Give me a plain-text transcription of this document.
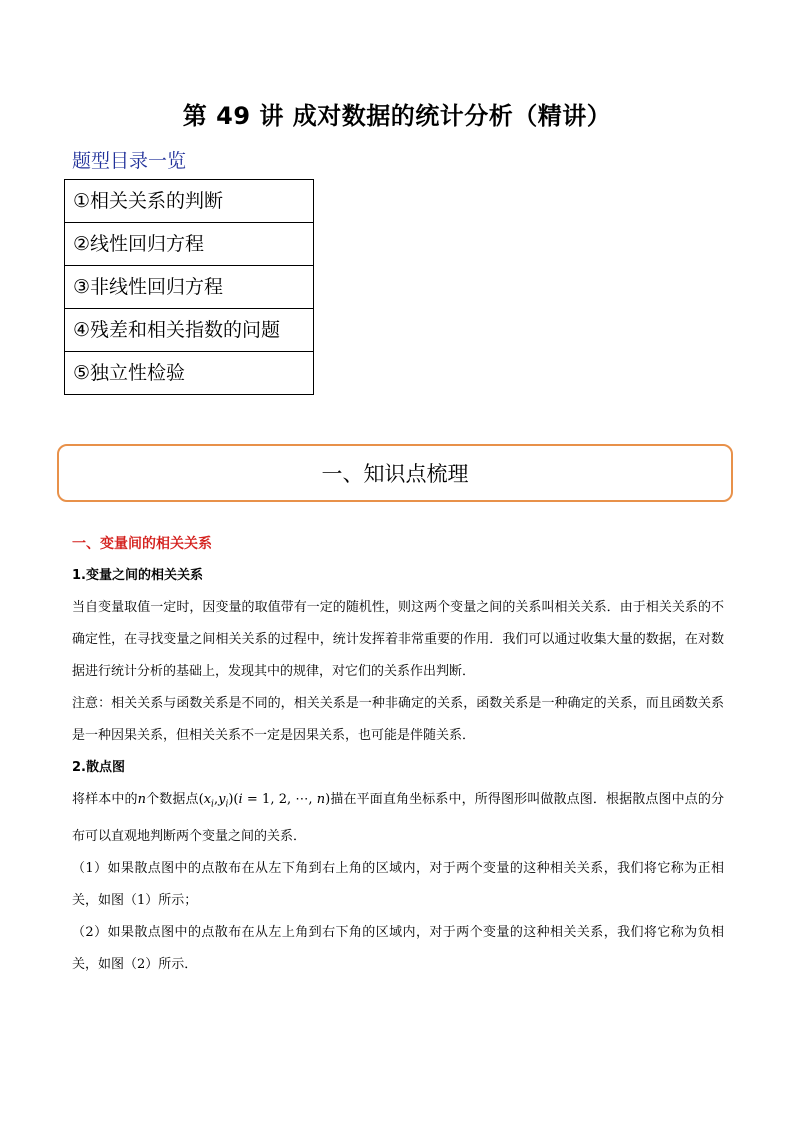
第 49 讲 成对数据的统计分析（精讲）
题型目录一览
①相关关系的判断
②线性回归方程
③非线性回归方程
④残差和相关指数的问题
⑤独立性检验
一、知识点梳理
一、变量间的相关关系
1.变量之间的相关关系

当自变量取值一定时，因变量的取值带有一定的随机性，则这两个变量之间的关系叫相关关系．由于相关关系的不确定性，在寻找变量之间相关关系的过程中，统计发挥着非常重要的作用．我们可以通过收集大量的数据，在对数据进行统计分析的基础上，发现其中的规律，对它们的关系作出判断．

注意：相关关系与函数关系是不同的，相关关系是一种非确定的关系，函数关系是一种确定的关系，而且函数关系是一种因果关系，但相关关系不一定是因果关系，也可能是伴随关系．

2.散点图

将样本中的n个数据点$(x_i,y_i)(i = 1$, 2, ⋯, n)描在平面直角坐标系中，所得图形叫做散点图．根据散点图中点的分布可以直观地判断两个变量之间的关系．

（1）如果散点图中的点散布在从左下角到右上角的区域内，对于两个变量的这种相关关系，我们将它称为正相关，如图（1）所示；

（2）如果散点图中的点散布在从左上角到右下角的区域内，对于两个变量的这种相关关系，我们将它称为负相关，如图（2）所示．
